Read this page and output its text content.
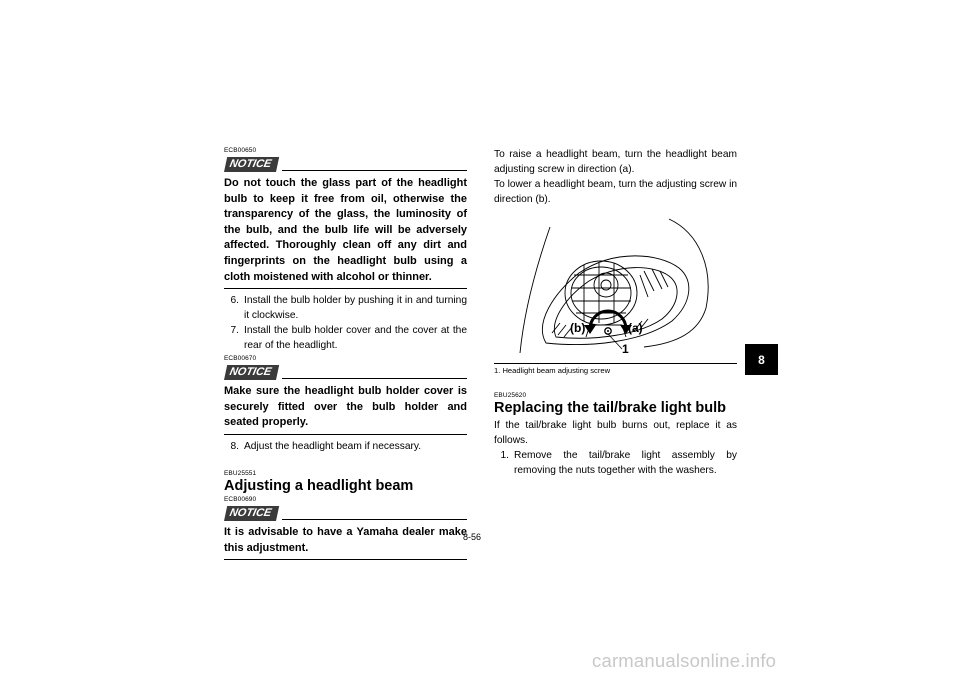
ECB00650

NOTICE

Do not touch the glass part of the headlight bulb to keep it free from oil, otherwise the transparency of the glass, the luminosity of the bulb, and the bulb life will be adversely affected. Thoroughly clean off any dirt and fingerprints on the headlight bulb using a cloth moistened with alcohol or thinner.

6. Install the bulb holder by pushing it in and turning it clockwise.
7. Install the bulb holder cover and the cover at the rear of the headlight.

ECB00670

NOTICE

Make sure the headlight bulb holder cover is securely fitted over the bulb holder and seated properly.

8. Adjust the headlight beam if necessary.

EBU25551

Adjusting a headlight beam

ECB00690

NOTICE

It is advisable to have a Yamaha dealer make this adjustment.

To raise a headlight beam, turn the headlight beam adjusting screw in direction (a).

To lower a headlight beam, turn the adjusting screw in direction (b).

(b)	(a)
1

1. Headlight beam adjusting screw

EBU25620

Replacing the tail/brake light bulb

If the tail/brake light bulb burns out, replace it as follows.

1. Remove the tail/brake light assembly by removing the nuts together with the washers.
8-56
8
carmanualsonline.info
